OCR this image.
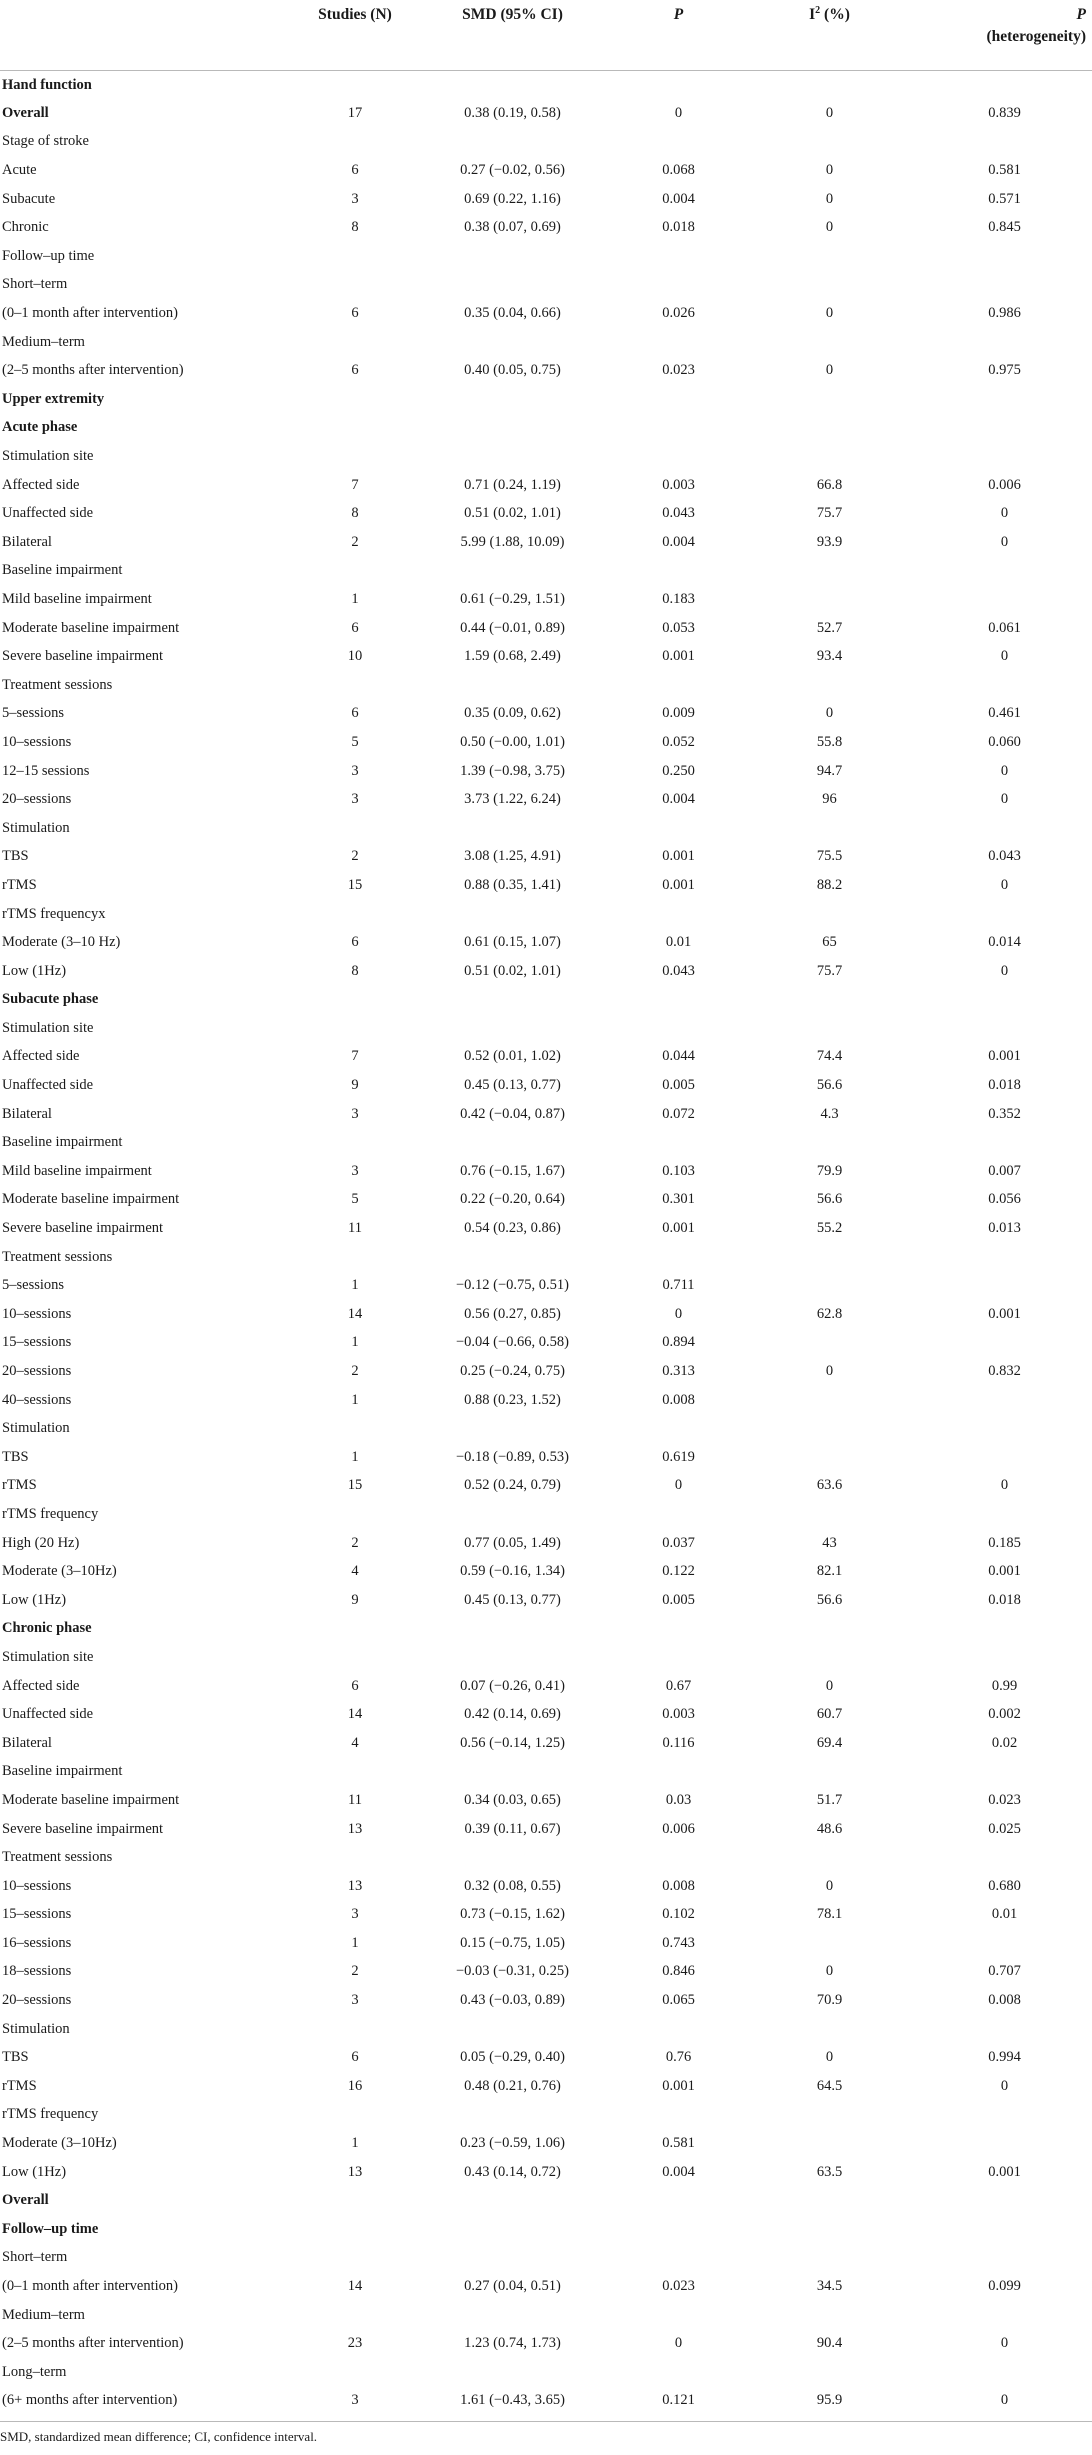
	Studies (N)	SMD (95% CI)	P	$I^2$ (%)	P
(heterogeneity)
Hand function					
Overall	17	0.38 (0.19, 0.58)	0	0	0.839
Stage of stroke					
Acute	6	0.27 (−0.02, 0.56)	0.068	0	0.581
Subacute	3	0.69 (0.22, 1.16)	0.004	0	0.571
Chronic	8	0.38 (0.07, 0.69)	0.018	0	0.845
Follow–up time					
Short–term					
(0–1 month after intervention)	6	0.35 (0.04, 0.66)	0.026	0	0.986
Medium–term					
(2–5 months after intervention)	6	0.40 (0.05, 0.75)	0.023	0	0.975
Upper extremity					
Acute phase					
Stimulation site					
Affected side	7	0.71 (0.24, 1.19)	0.003	66.8	0.006
Unaffected side	8	0.51 (0.02, 1.01)	0.043	75.7	0
Bilateral	2	5.99 (1.88, 10.09)	0.004	93.9	0
Baseline impairment					
Mild baseline impairment	1	0.61 (−0.29, 1.51)	0.183		
Moderate baseline impairment	6	0.44 (−0.01, 0.89)	0.053	52.7	0.061
Severe baseline impairment	10	1.59 (0.68, 2.49)	0.001	93.4	0
Treatment sessions					
5–sessions	6	0.35 (0.09, 0.62)	0.009	0	0.461
10–sessions	5	0.50 (−0.00, 1.01)	0.052	55.8	0.060
12–15 sessions	3	1.39 (−0.98, 3.75)	0.250	94.7	0
20–sessions	3	3.73 (1.22, 6.24)	0.004	96	0
Stimulation					
TBS	2	3.08 (1.25, 4.91)	0.001	75.5	0.043
rTMS	15	0.88 (0.35, 1.41)	0.001	88.2	0
rTMS frequencyx					
Moderate (3–10 Hz)	6	0.61 (0.15, 1.07)	0.01	65	0.014
Low (1Hz)	8	0.51 (0.02, 1.01)	0.043	75.7	0
Subacute phase					
Stimulation site					
Affected side	7	0.52 (0.01, 1.02)	0.044	74.4	0.001
Unaffected side	9	0.45 (0.13, 0.77)	0.005	56.6	0.018
Bilateral	3	0.42 (−0.04, 0.87)	0.072	4.3	0.352
Baseline impairment					
Mild baseline impairment	3	0.76 (−0.15, 1.67)	0.103	79.9	0.007
Moderate baseline impairment	5	0.22 (−0.20, 0.64)	0.301	56.6	0.056
Severe baseline impairment	11	0.54 (0.23, 0.86)	0.001	55.2	0.013
Treatment sessions					
5–sessions	1	−0.12 (−0.75, 0.51)	0.711		
10–sessions	14	0.56 (0.27, 0.85)	0	62.8	0.001
15–sessions	1	−0.04 (−0.66, 0.58)	0.894		
20–sessions	2	0.25 (−0.24, 0.75)	0.313	0	0.832
40–sessions	1	0.88 (0.23, 1.52)	0.008		
Stimulation					
TBS	1	−0.18 (−0.89, 0.53)	0.619		
rTMS	15	0.52 (0.24, 0.79)	0	63.6	0
rTMS frequency					
High (20 Hz)	2	0.77 (0.05, 1.49)	0.037	43	0.185
Moderate (3–10Hz)	4	0.59 (−0.16, 1.34)	0.122	82.1	0.001
Low (1Hz)	9	0.45 (0.13, 0.77)	0.005	56.6	0.018
Chronic phase					
Stimulation site					
Affected side	6	0.07 (−0.26, 0.41)	0.67	0	0.99
Unaffected side	14	0.42 (0.14, 0.69)	0.003	60.7	0.002
Bilateral	4	0.56 (−0.14, 1.25)	0.116	69.4	0.02
Baseline impairment					
Moderate baseline impairment	11	0.34 (0.03, 0.65)	0.03	51.7	0.023
Severe baseline impairment	13	0.39 (0.11, 0.67)	0.006	48.6	0.025
Treatment sessions					
10–sessions	13	0.32 (0.08, 0.55)	0.008	0	0.680
15–sessions	3	0.73 (−0.15, 1.62)	0.102	78.1	0.01
16–sessions	1	0.15 (−0.75, 1.05)	0.743		
18–sessions	2	−0.03 (−0.31, 0.25)	0.846	0	0.707
20–sessions	3	0.43 (−0.03, 0.89)	0.065	70.9	0.008
Stimulation					
TBS	6	0.05 (−0.29, 0.40)	0.76	0	0.994
rTMS	16	0.48 (0.21, 0.76)	0.001	64.5	0
rTMS frequency					
Moderate (3–10Hz)	1	0.23 (−0.59, 1.06)	0.581		
Low (1Hz)	13	0.43 (0.14, 0.72)	0.004	63.5	0.001
Overall					
Follow–up time					
Short–term					
(0–1 month after intervention)	14	0.27 (0.04, 0.51)	0.023	34.5	0.099
Medium–term					
(2–5 months after intervention)	23	1.23 (0.74, 1.73)	0	90.4	0
Long–term					
(6+ months after intervention)	3	1.61 (−0.43, 3.65)	0.121	95.9	0
SMD, standardized mean difference; CI, confidence interval.
